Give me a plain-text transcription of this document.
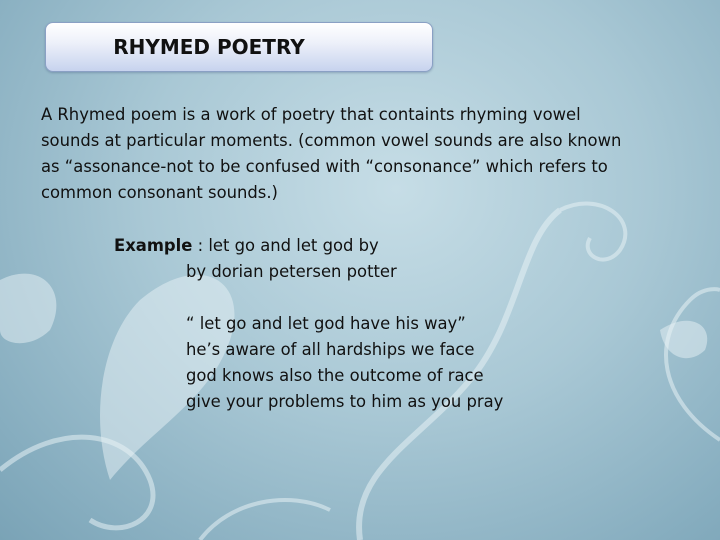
RHYMED POETRY

A Rhymed poem is a work of poetry that containts rhyming vowel
sounds at particular moments. (common vowel sounds are also known
as “assonance-not to be confused with “consonance” which refers to
common consonant sounds.)

Example : let go and let god by
by dorian petersen potter
“ let go and let god have his way”
he’s aware of all hardships we face
god knows also the outcome of race
give your problems to him as you pray
